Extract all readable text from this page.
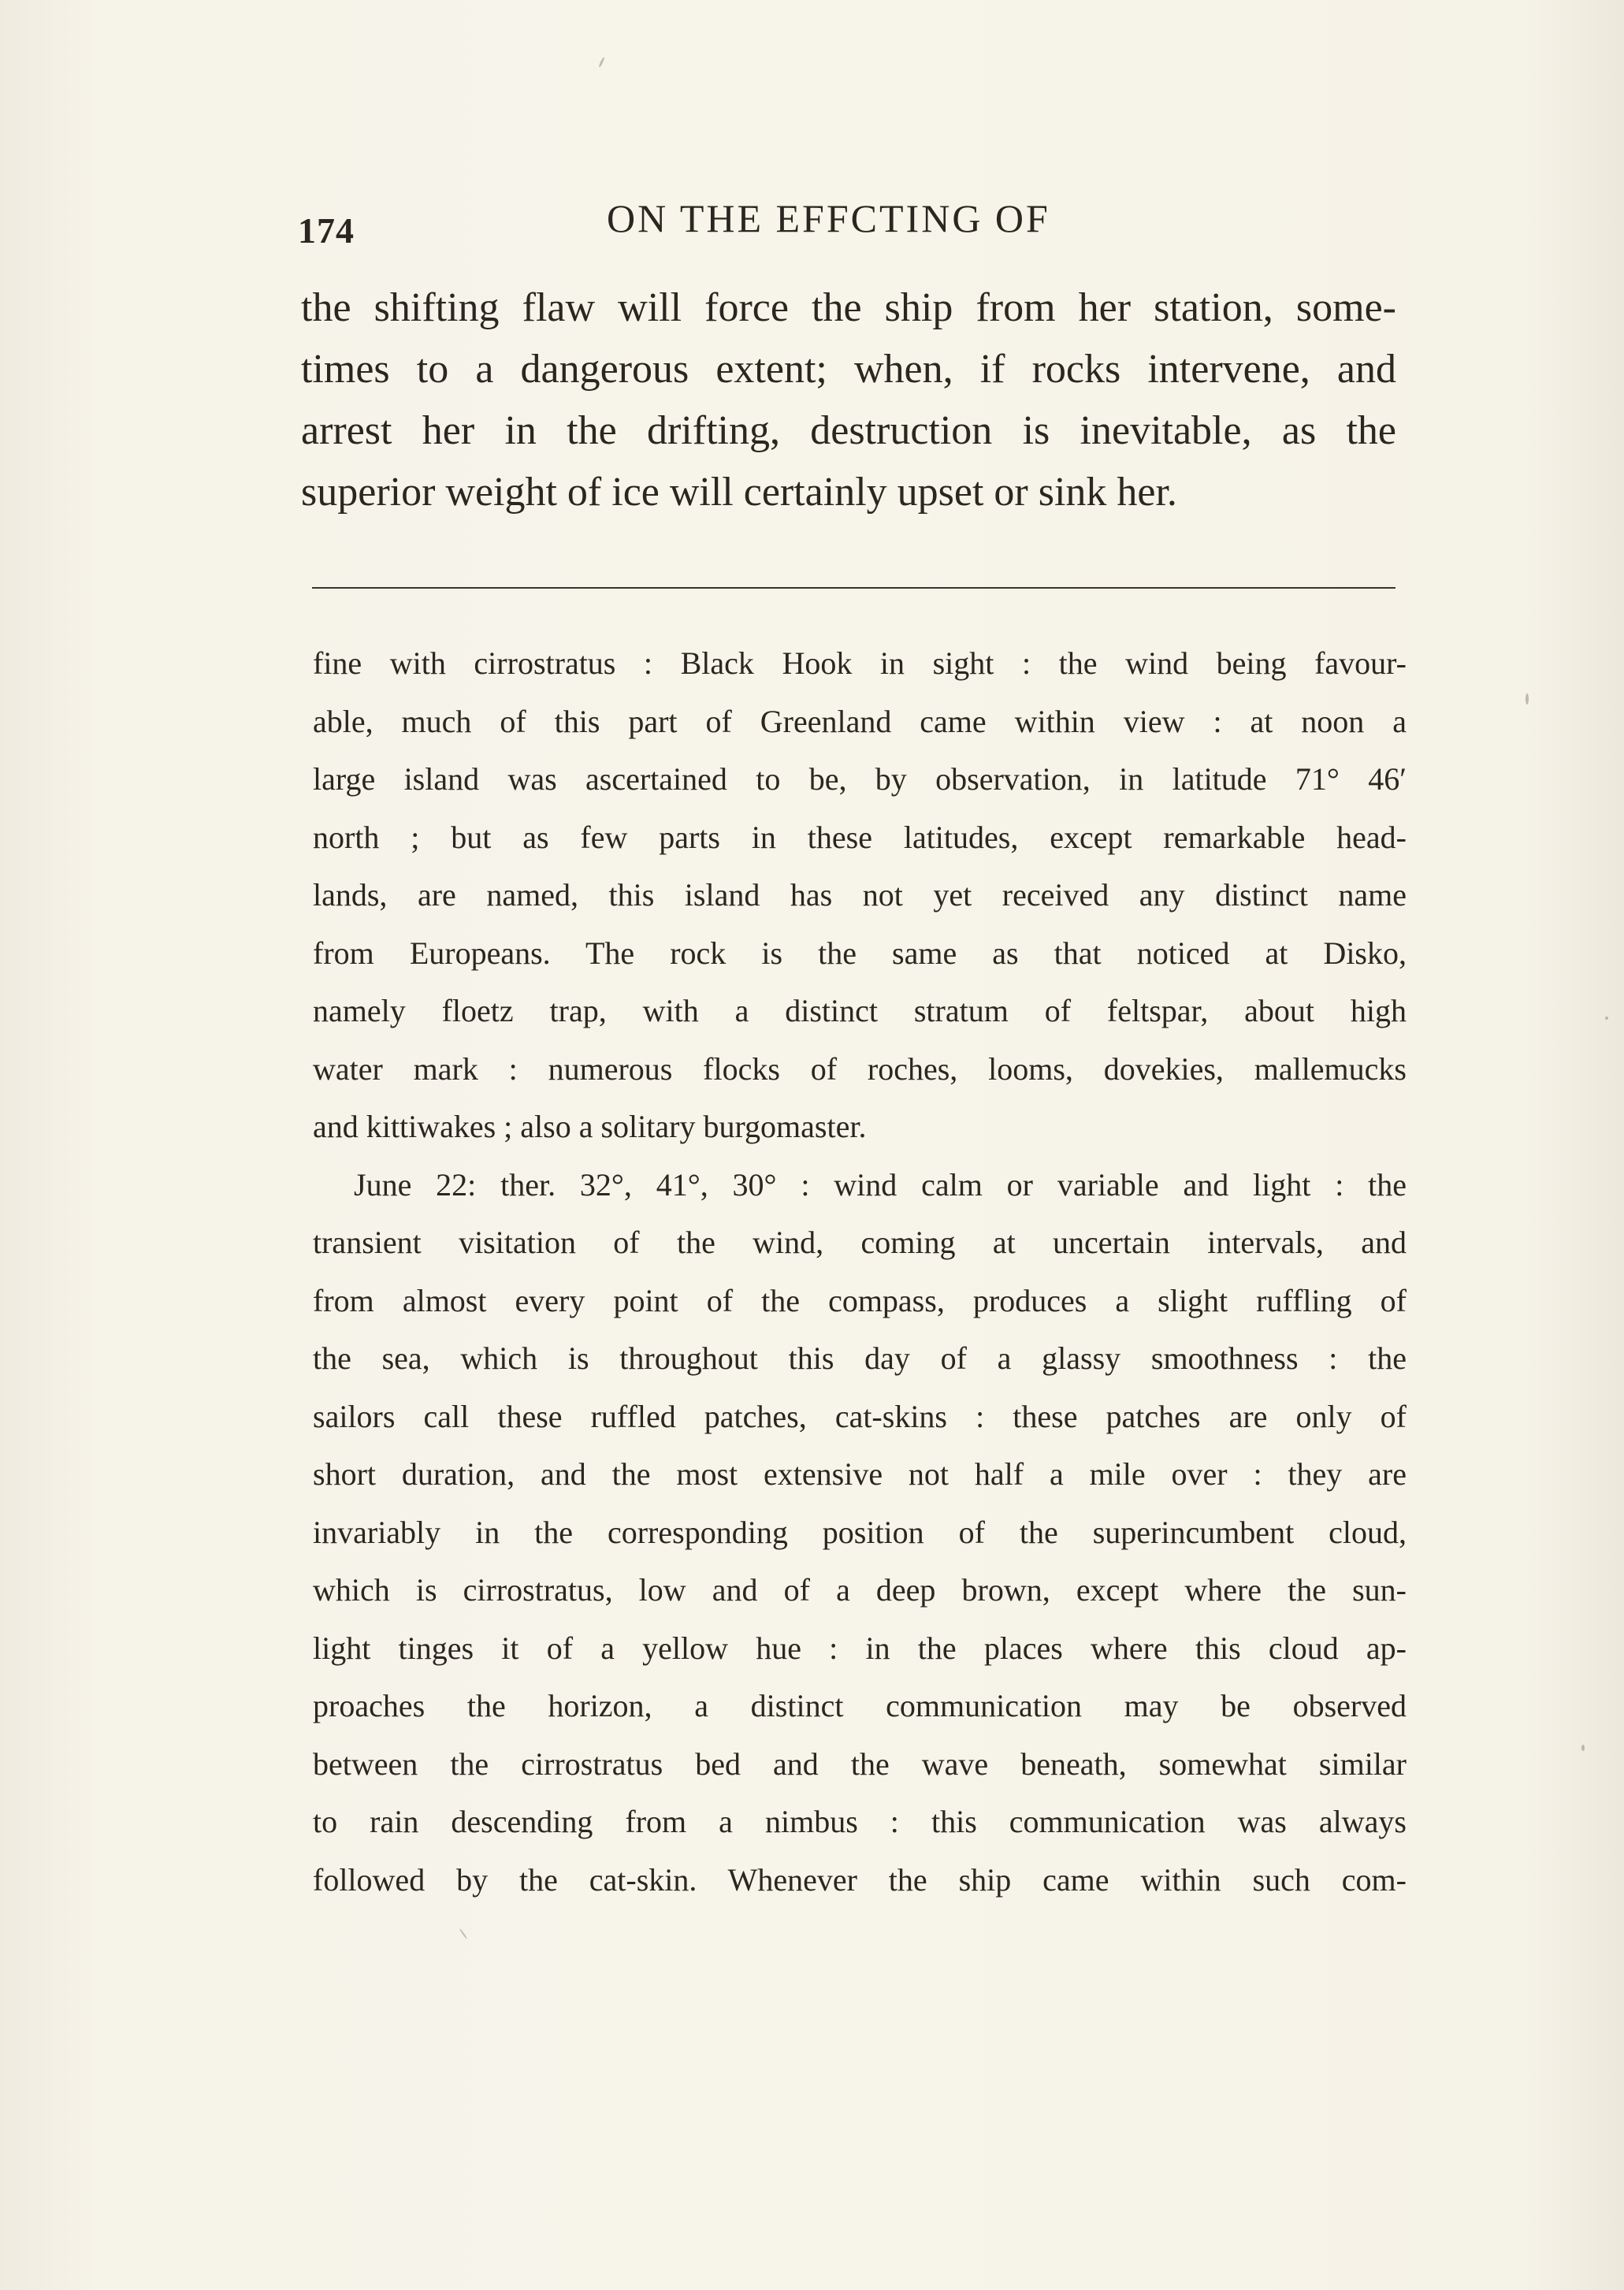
174	ON THE EFFCTING OF
the shifting flaw will force the ship from her station, some-
times to a dangerous extent; when, if rocks intervene, and
arrest her in the drifting, destruction is inevitable, as the
superior weight of ice will certainly upset or sink her.
fine with cirrostratus : Black Hook in sight : the wind being favour-
able, much of this part of Greenland came within view : at noon a
large island was ascertained to be, by observation, in latitude 71° 46′
north ; but as few parts in these latitudes, except remarkable head-
lands, are named, this island has not yet received any distinct name
from Europeans. The rock is the same as that noticed at Disko,
namely floetz trap, with a distinct stratum of feltspar, about high
water mark : numerous flocks of roches, looms, dovekies, mallemucks
and kittiwakes ; also a solitary burgomaster.
June 22: ther. 32°, 41°, 30° : wind calm or variable and light : the
transient visitation of the wind, coming at uncertain intervals, and
from almost every point of the compass, produces a slight ruffling of
the sea, which is throughout this day of a glassy smoothness : the
sailors call these ruffled patches, cat-skins : these patches are only of
short duration, and the most extensive not half a mile over : they are
invariably in the corresponding position of the superincumbent cloud,
which is cirrostratus, low and of a deep brown, except where the sun-
light tinges it of a yellow hue : in the places where this cloud ap-
proaches the horizon, a distinct communication may be observed
between the cirrostratus bed and the wave beneath, somewhat similar
to rain descending from a nimbus : this communication was always
followed by the cat-skin. Whenever the ship came within such com-
